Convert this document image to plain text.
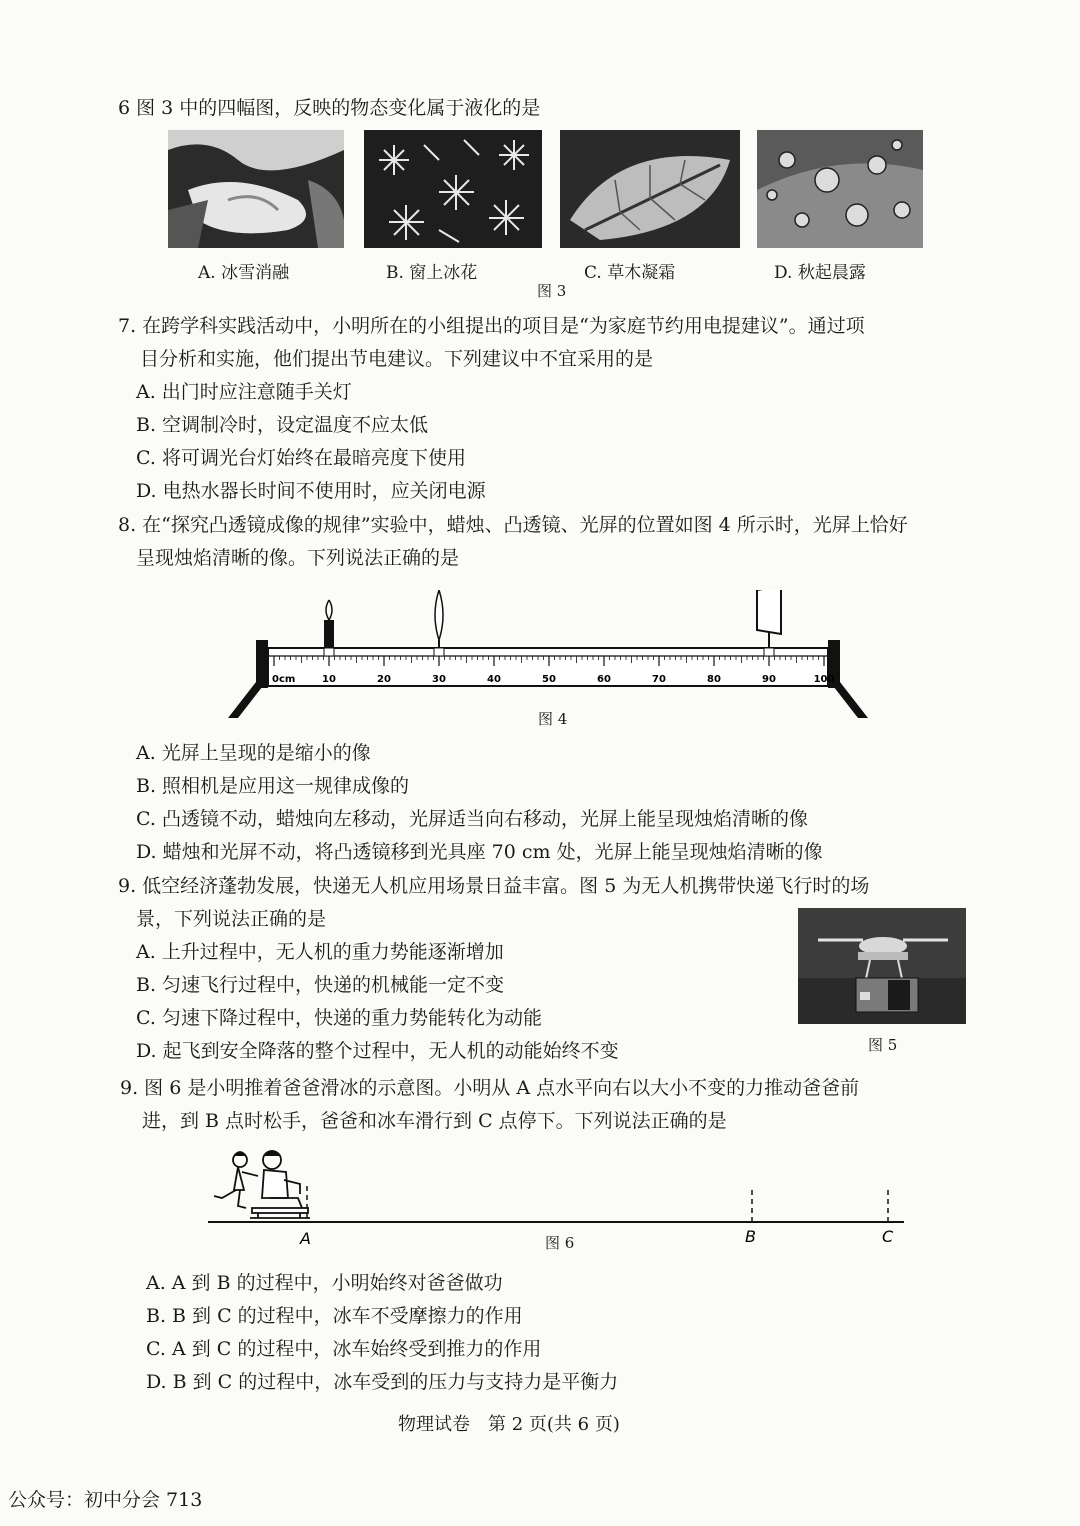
6 图 3 中的四幅图，反映的物态变化属于液化的是
A. 冰雪消融	B. 窗上冰花	C. 草木凝霜	D. 秋起晨露
图 3
7. 在跨学科实践活动中，小明所在的小组提出的项目是“为家庭节约用电提建议”。通过项
目分析和实施，他们提出节电建议。下列建议中不宜采用的是
A. 出门时应注意随手关灯
B. 空调制冷时，设定温度不应太低
C. 将可调光台灯始终在最暗亮度下使用
D. 电热水器长时间不使用时，应关闭电源
8. 在“探究凸透镜成像的规律”实验中，蜡烛、凸透镜、光屏的位置如图 4 所示时，光屏上恰好
呈现烛焰清晰的像。下列说法正确的是
0cm	10	20	30	40	50	60	70	80	90	100
图 4
A. 光屏上呈现的是缩小的像
B. 照相机是应用这一规律成像的
C. 凸透镜不动，蜡烛向左移动，光屏适当向右移动，光屏上能呈现烛焰清晰的像
D. 蜡烛和光屏不动，将凸透镜移到光具座 70 cm 处，光屏上能呈现烛焰清晰的像
9. 低空经济蓬勃发展，快递无人机应用场景日益丰富。图 5 为无人机携带快递飞行时的场
景，下列说法正确的是
A. 上升过程中，无人机的重力势能逐渐增加
B. 匀速飞行过程中，快递的机械能一定不变
C. 匀速下降过程中，快递的重力势能转化为动能
D. 起飞到安全降落的整个过程中，无人机的动能始终不变	图 5
9. 图 6 是小明推着爸爸滑冰的示意图。小明从 A 点水平向右以大小不变的力推动爸爸前
进，到 B 点时松手，爸爸和冰车滑行到 C 点停下。下列说法正确的是
A	B	C
图 6
A. A 到 B 的过程中，小明始终对爸爸做功
B. B 到 C 的过程中，冰车不受摩擦力的作用
C. A 到 C 的过程中，冰车始终受到推力的作用
D. B 到 C 的过程中，冰车受到的压力与支持力是平衡力
物理试卷　第 2 页(共 6 页)
公众号：初中分会 713
